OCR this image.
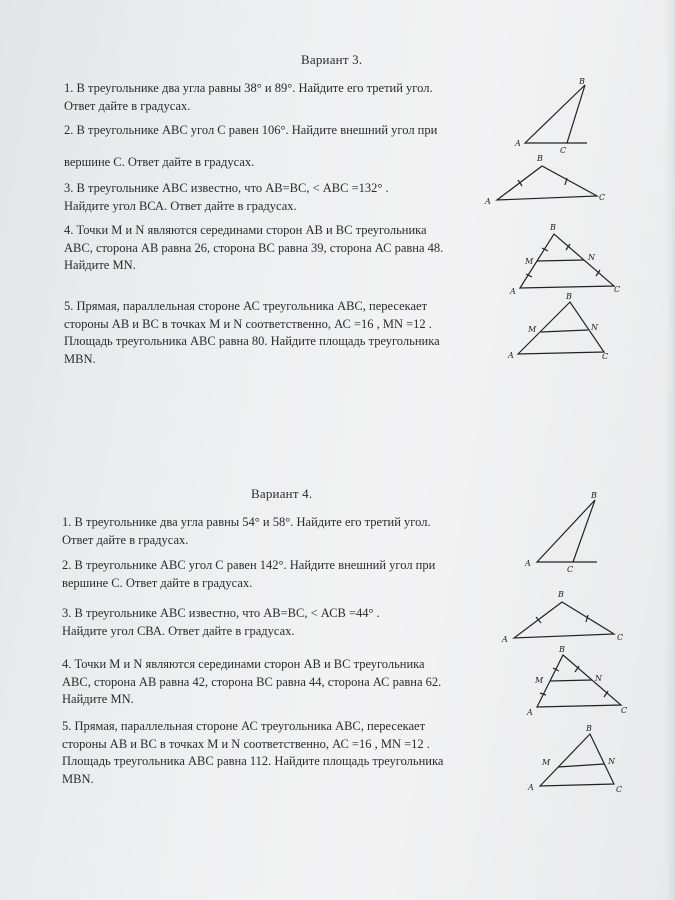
Вариант 3.
1. В треугольнике два угла равны 38° и 89°. Найдите его третий угол.
Ответ дайте в градусах.
2. В треугольнике АВС угол С равен 106°. Найдите внешний угол при
вершине С. Ответ дайте в градусах.
3. В треугольнике АВС известно, что АВ=ВС, < АВС =132° .
Найдите угол ВСА. Ответ дайте в градусах.
4. Точки М и N являются серединами сторон АВ и ВС треугольника
АВС, сторона АВ равна 26, сторона ВС равна 39, сторона АС равна 48.
Найдите MN.
5. Прямая, параллельная стороне АС треугольника АВС, пересекает
стороны АВ и ВС в точках М и N соответственно, АС =16 , MN =12 .
Площадь треугольника АВС равна 80. Найдите площадь треугольника
MBN.
B
A
C
B
A	C
B
M	N
A	C
B
M	N
A	C
Вариант 4.
1. В треугольнике два угла равны 54° и 58°. Найдите его третий угол.
Ответ дайте в градусах.
2. В треугольнике АВС угол С равен 142°. Найдите внешний угол при
вершине С. Ответ дайте в градусах.
3. В треугольнике АВС известно, что АВ=ВС, < АСВ =44° .
Найдите угол СВА. Ответ дайте в градусах.
4. Точки М и N являются серединами сторон АВ и ВС треугольника
АВС, сторона АВ равна 42, сторона ВС равна 44, сторона АС равна 62.
Найдите MN.
5. Прямая, параллельная стороне АС треугольника АВС, пересекает
стороны АВ и ВС в точках М и N соответственно, АС =16 , MN =12 .
Площадь треугольника АВС равна 112. Найдите площадь треугольника
MBN.
B
A
C
B
A	C
B
M	N
A	C
B
M	N
A	C
